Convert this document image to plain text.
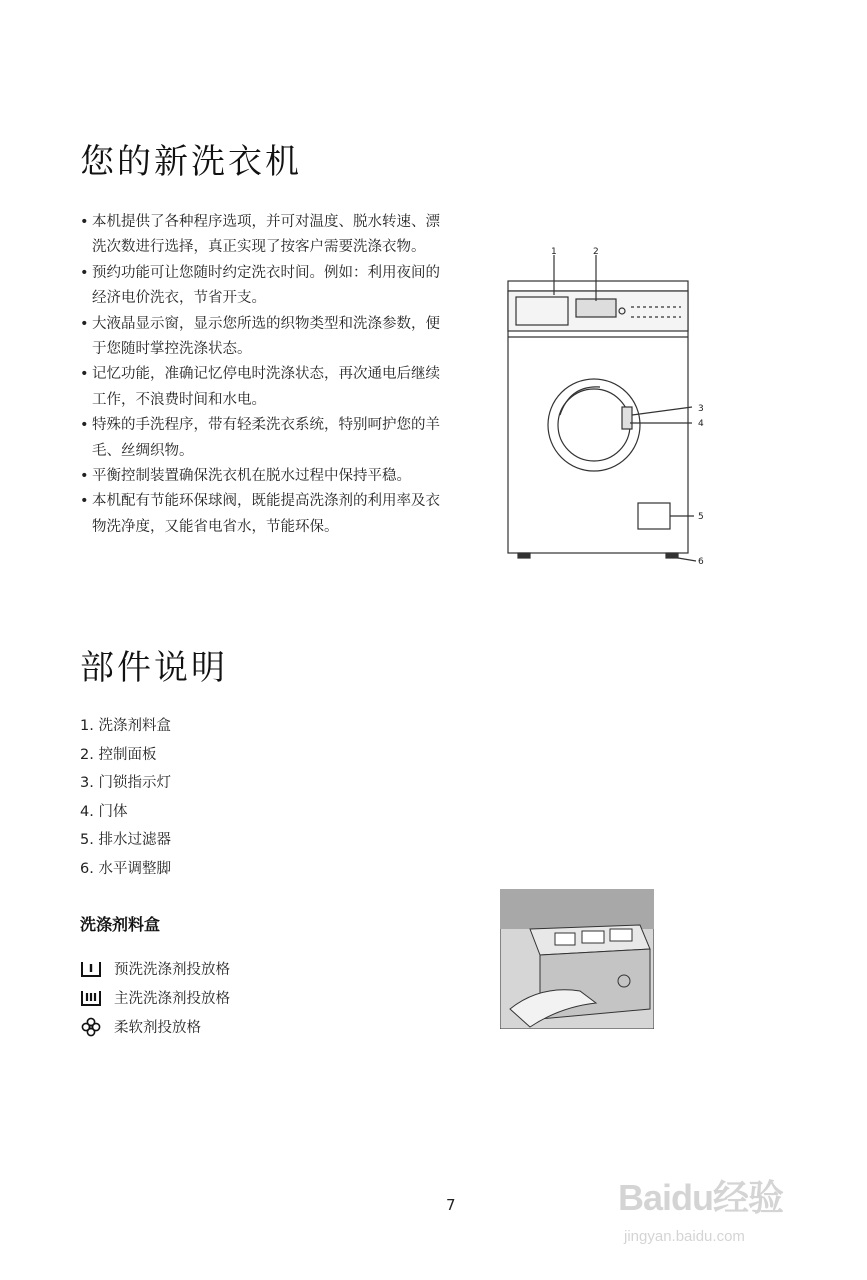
您的新洗衣机
• 本机提供了各种程序选项，并可对温度、脱水转速、漂洗次数进行选择，真正实现了按客户需要洗涤衣物。
• 预约功能可让您随时约定洗衣时间。例如：利用夜间的经济电价洗衣，节省开支。
• 大液晶显示窗，显示您所选的织物类型和洗涤参数，便于您随时掌控洗涤状态。
• 记忆功能，准确记忆停电时洗涤状态，再次通电后继续工作，不浪费时间和水电。
• 特殊的手洗程序，带有轻柔洗衣系统，特别呵护您的羊毛、丝绸织物。
• 平衡控制装置确保洗衣机在脱水过程中保持平稳。
• 本机配有节能环保球阀，既能提高洗涤剂的利用率及衣物洗净度，又能省电省水，节能环保。
1	2
3
4
5
6
部件说明
1. 洗涤剂料盒
2. 控制面板
3. 门锁指示灯
4. 门体
5. 排水过滤器
6. 水平调整脚
洗涤剂料盒
预洗洗涤剂投放格
主洗洗涤剂投放格
柔软剂投放格
7	Baidu经验
jingyan.baidu.com
